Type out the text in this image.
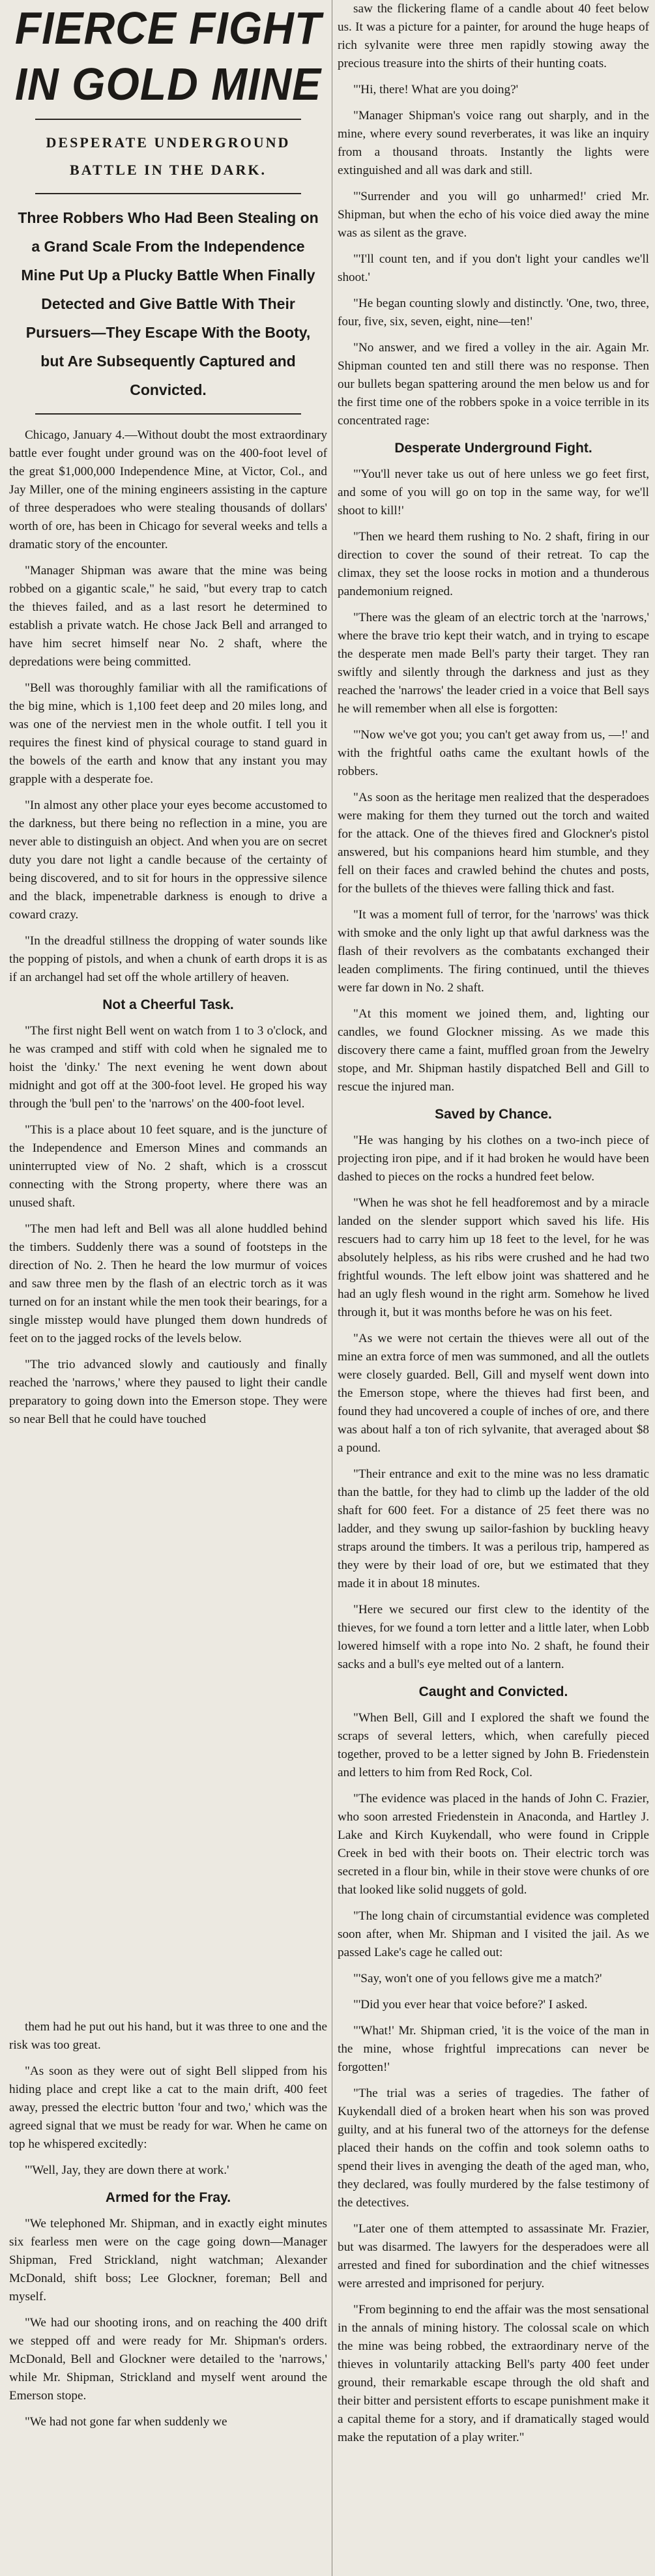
FIERCE FIGHT IN GOLD MINE
DESPERATE UNDERGROUND BATTLE IN THE DARK.
Three Robbers Who Had Been Stealing on a Grand Scale From the Independence Mine Put Up a Plucky Battle When Finally Detected and Give Battle With Their Pursuers—They Escape With the Booty, but Are Subsequently Captured and Convicted.

Chicago, January 4.—Without doubt the most extraordinary battle ever fought under ground was on the 400-foot level of the great $1,000,000 Independence Mine, at Victor, Col., and Jay Miller, one of the mining engineers assisting in the capture of three desperadoes who were stealing thousands of dollars' worth of ore, has been in Chicago for several weeks and tells a dramatic story of the encounter.

"Manager Shipman was aware that the mine was being robbed on a gigantic scale," he said, "but every trap to catch the thieves failed, and as a last resort he determined to establish a private watch. He chose Jack Bell and arranged to have him secret himself near No. 2 shaft, where the depredations were being committed.

"Bell was thoroughly familiar with all the ramifications of the big mine, which is 1,100 feet deep and 20 miles long, and was one of the nerviest men in the whole outfit. I tell you it requires the finest kind of physical courage to stand guard in the bowels of the earth and know that any instant you may grapple with a desperate foe.

"In almost any other place your eyes become accustomed to the darkness, but there being no reflection in a mine, you are never able to distinguish an object. And when you are on secret duty you dare not light a candle because of the certainty of being discovered, and to sit for hours in the oppressive silence and the black, impenetrable darkness is enough to drive a coward crazy.

"In the dreadful stillness the dropping of water sounds like the popping of pistols, and when a chunk of earth drops it is as if an archangel had set off the whole artillery of heaven.

Not a Cheerful Task.

"The first night Bell went on watch from 1 to 3 o'clock, and he was cramped and stiff with cold when he signaled me to hoist the 'dinky.' The next evening he went down about midnight and got off at the 300-foot level. He groped his way through the 'bull pen' to the 'narrows' on the 400-foot level.

"This is a place about 10 feet square, and is the juncture of the Independence and Emerson Mines and commands an uninterrupted view of No. 2 shaft, which is a crosscut connecting with the Strong property, where there was an unused shaft.

"The men had left and Bell was all alone huddled behind the timbers. Suddenly there was a sound of footsteps in the direction of No. 2. Then he heard the low murmur of voices and saw three men by the flash of an electric torch as it was turned on for an instant while the men took their bearings, for a single misstep would have plunged them down hundreds of feet on to the jagged rocks of the levels below.

"The trio advanced slowly and cautiously and finally reached the 'narrows,' where they paused to light their candle preparatory to going down into the Emerson stope. They were so near Bell that he could have touched

saw the flickering flame of a candle about 40 feet below us. It was a picture for a painter, for around the huge heaps of rich sylvanite were three men rapidly stowing away the precious treasure into the shirts of their hunting coats.

"'Hi, there! What are you doing?'

"Manager Shipman's voice rang out sharply, and in the mine, where every sound reverberates, it was like an inquiry from a thousand throats. Instantly the lights were extinguished and all was dark and still.

"'Surrender and you will go unharmed!' cried Mr. Shipman, but when the echo of his voice died away the mine was as silent as the grave.

"'I'll count ten, and if you don't light your candles we'll shoot.'

"He began counting slowly and distinctly. 'One, two, three, four, five, six, seven, eight, nine—ten!'

"No answer, and we fired a volley in the air. Again Mr. Shipman counted ten and still there was no response. Then our bullets began spattering around the men below us and for the first time one of the robbers spoke in a voice terrible in its concentrated rage:

Desperate Underground Fight.

"'You'll never take us out of here unless we go feet first, and some of you will go on top in the same way, for we'll shoot to kill!'

"Then we heard them rushing to No. 2 shaft, firing in our direction to cover the sound of their retreat. To cap the climax, they set the loose rocks in motion and a thunderous pandemonium reigned.

"There was the gleam of an electric torch at the 'narrows,' where the brave trio kept their watch, and in trying to escape the desperate men made Bell's party their target. They ran swiftly and silently through the darkness and just as they reached the 'narrows' the leader cried in a voice that Bell says he will remember when all else is forgotten:

"'Now we've got you; you can't get away from us, —!' and with the frightful oaths came the exultant howls of the robbers.

"As soon as the heritage men realized that the desperadoes were making for them they turned out the torch and waited for the attack. One of the thieves fired and Glockner's pistol answered, but his companions heard him stumble, and they fell on their faces and crawled behind the chutes and posts, for the bullets of the thieves were falling thick and fast.

"It was a moment full of terror, for the 'narrows' was thick with smoke and the only light up that awful darkness was the flash of their revolvers as the combatants exchanged their leaden compliments. The firing continued, until the thieves were far down in No. 2 shaft.

"At this moment we joined them, and, lighting our candles, we found Glockner missing. As we made this discovery there came a faint, muffled groan from the Jewelry stope, and Mr. Shipman hastily dispatched Bell and Gill to rescue the injured man.

Saved by Chance.

"He was hanging by his clothes on a two-inch piece of projecting iron pipe, and if it had broken he would have been dashed to pieces on the rocks a hundred feet below.

"When he was shot he fell headforemost and by a miracle landed on the slender support which saved his life. His rescuers had to carry him up 18 feet to the level, for he was absolutely helpless, as his ribs were crushed and he had two frightful wounds. The left elbow joint was shattered and he had an ugly flesh wound in the right arm. Somehow he lived through it, but it was months before he was on his feet.

"As we were not certain the thieves were all out of the mine an extra force of men was summoned, and all the outlets were closely guarded. Bell, Gill and myself went down into the Emerson stope, where the thieves had first been, and found they had uncovered a couple of inches of ore, and there was about half a ton of rich sylvanite, that averaged about $8 a pound.

"Their entrance and exit to the mine was no less dramatic than the battle, for they had to climb up the ladder of the old shaft for 600 feet. For a distance of 25 feet there was no ladder, and they swung up sailor-fashion by buckling heavy straps around the timbers. It was a perilous trip, hampered as they were by their load of ore, but we estimated that they made it in about 18 minutes.

"Here we secured our first clew to the identity of the thieves, for we found a torn letter and a little later, when Lobb lowered himself with a rope into No. 2 shaft, he found their sacks and a bull's eye melted out of a lantern.

Caught and Convicted.

"When Bell, Gill and I explored the shaft we found the scraps of several letters, which, when carefully pieced together, proved to be a letter signed by John B. Friedenstein and letters to him from Red Rock, Col.

"The evidence was placed in the hands of John C. Frazier, who soon arrested Friedenstein in Anaconda, and Hartley J. Lake and Kirch Kuykendall, who were found in Cripple Creek in bed with their boots on. Their electric torch was secreted in a flour bin, while in their stove were chunks of ore that looked like solid nuggets of gold.

"The long chain of circumstantial evidence was completed soon after, when Mr. Shipman and I visited the jail. As we passed Lake's cage he called out:

"'Say, won't one of you fellows give me a match?'

"'Did you ever hear that voice before?' I asked.

"'What!' Mr. Shipman cried, 'it is the voice of the man in the mine, whose frightful imprecations can never be forgotten!'

"The trial was a series of tragedies. The father of Kuykendall died of a broken heart when his son was proved guilty, and at his funeral two of the attorneys for the defense placed their hands on the coffin and took solemn oaths to spend their lives in avenging the death of the aged man, who, they declared, was foully murdered by the false testimony of the detectives.

"Later one of them attempted to assassinate Mr. Frazier, but was disarmed. The lawyers for the desperadoes were all arrested and fined for subordination and the chief witnesses were arrested and imprisoned for perjury.

"From beginning to end the affair was the most sensational in the annals of mining history. The colossal scale on which the mine was being robbed, the extraordinary nerve of the thieves in voluntarily attacking Bell's party 400 feet under ground, their remarkable escape through the old shaft and their bitter and persistent efforts to escape punishment make it a capital theme for a story, and if dramatically staged would make the reputation of a play writer."

them had he put out his hand, but it was three to one and the risk was too great.

"As soon as they were out of sight Bell slipped from his hiding place and crept like a cat to the main drift, 400 feet away, pressed the electric button 'four and two,' which was the agreed signal that we must be ready for war. When he came on top he whispered excitedly:

"'Well, Jay, they are down there at work.'

Armed for the Fray.

"We telephoned Mr. Shipman, and in exactly eight minutes six fearless men were on the cage going down—Manager Shipman, Fred Strickland, night watchman; Alexander McDonald, shift boss; Lee Glockner, foreman; Bell and myself.

"We had our shooting irons, and on reaching the 400 drift we stepped off and were ready for Mr. Shipman's orders. McDonald, Bell and Glockner were detailed to the 'narrows,' while Mr. Shipman, Strickland and myself went around the Emerson stope.

"We had not gone far when suddenly we
